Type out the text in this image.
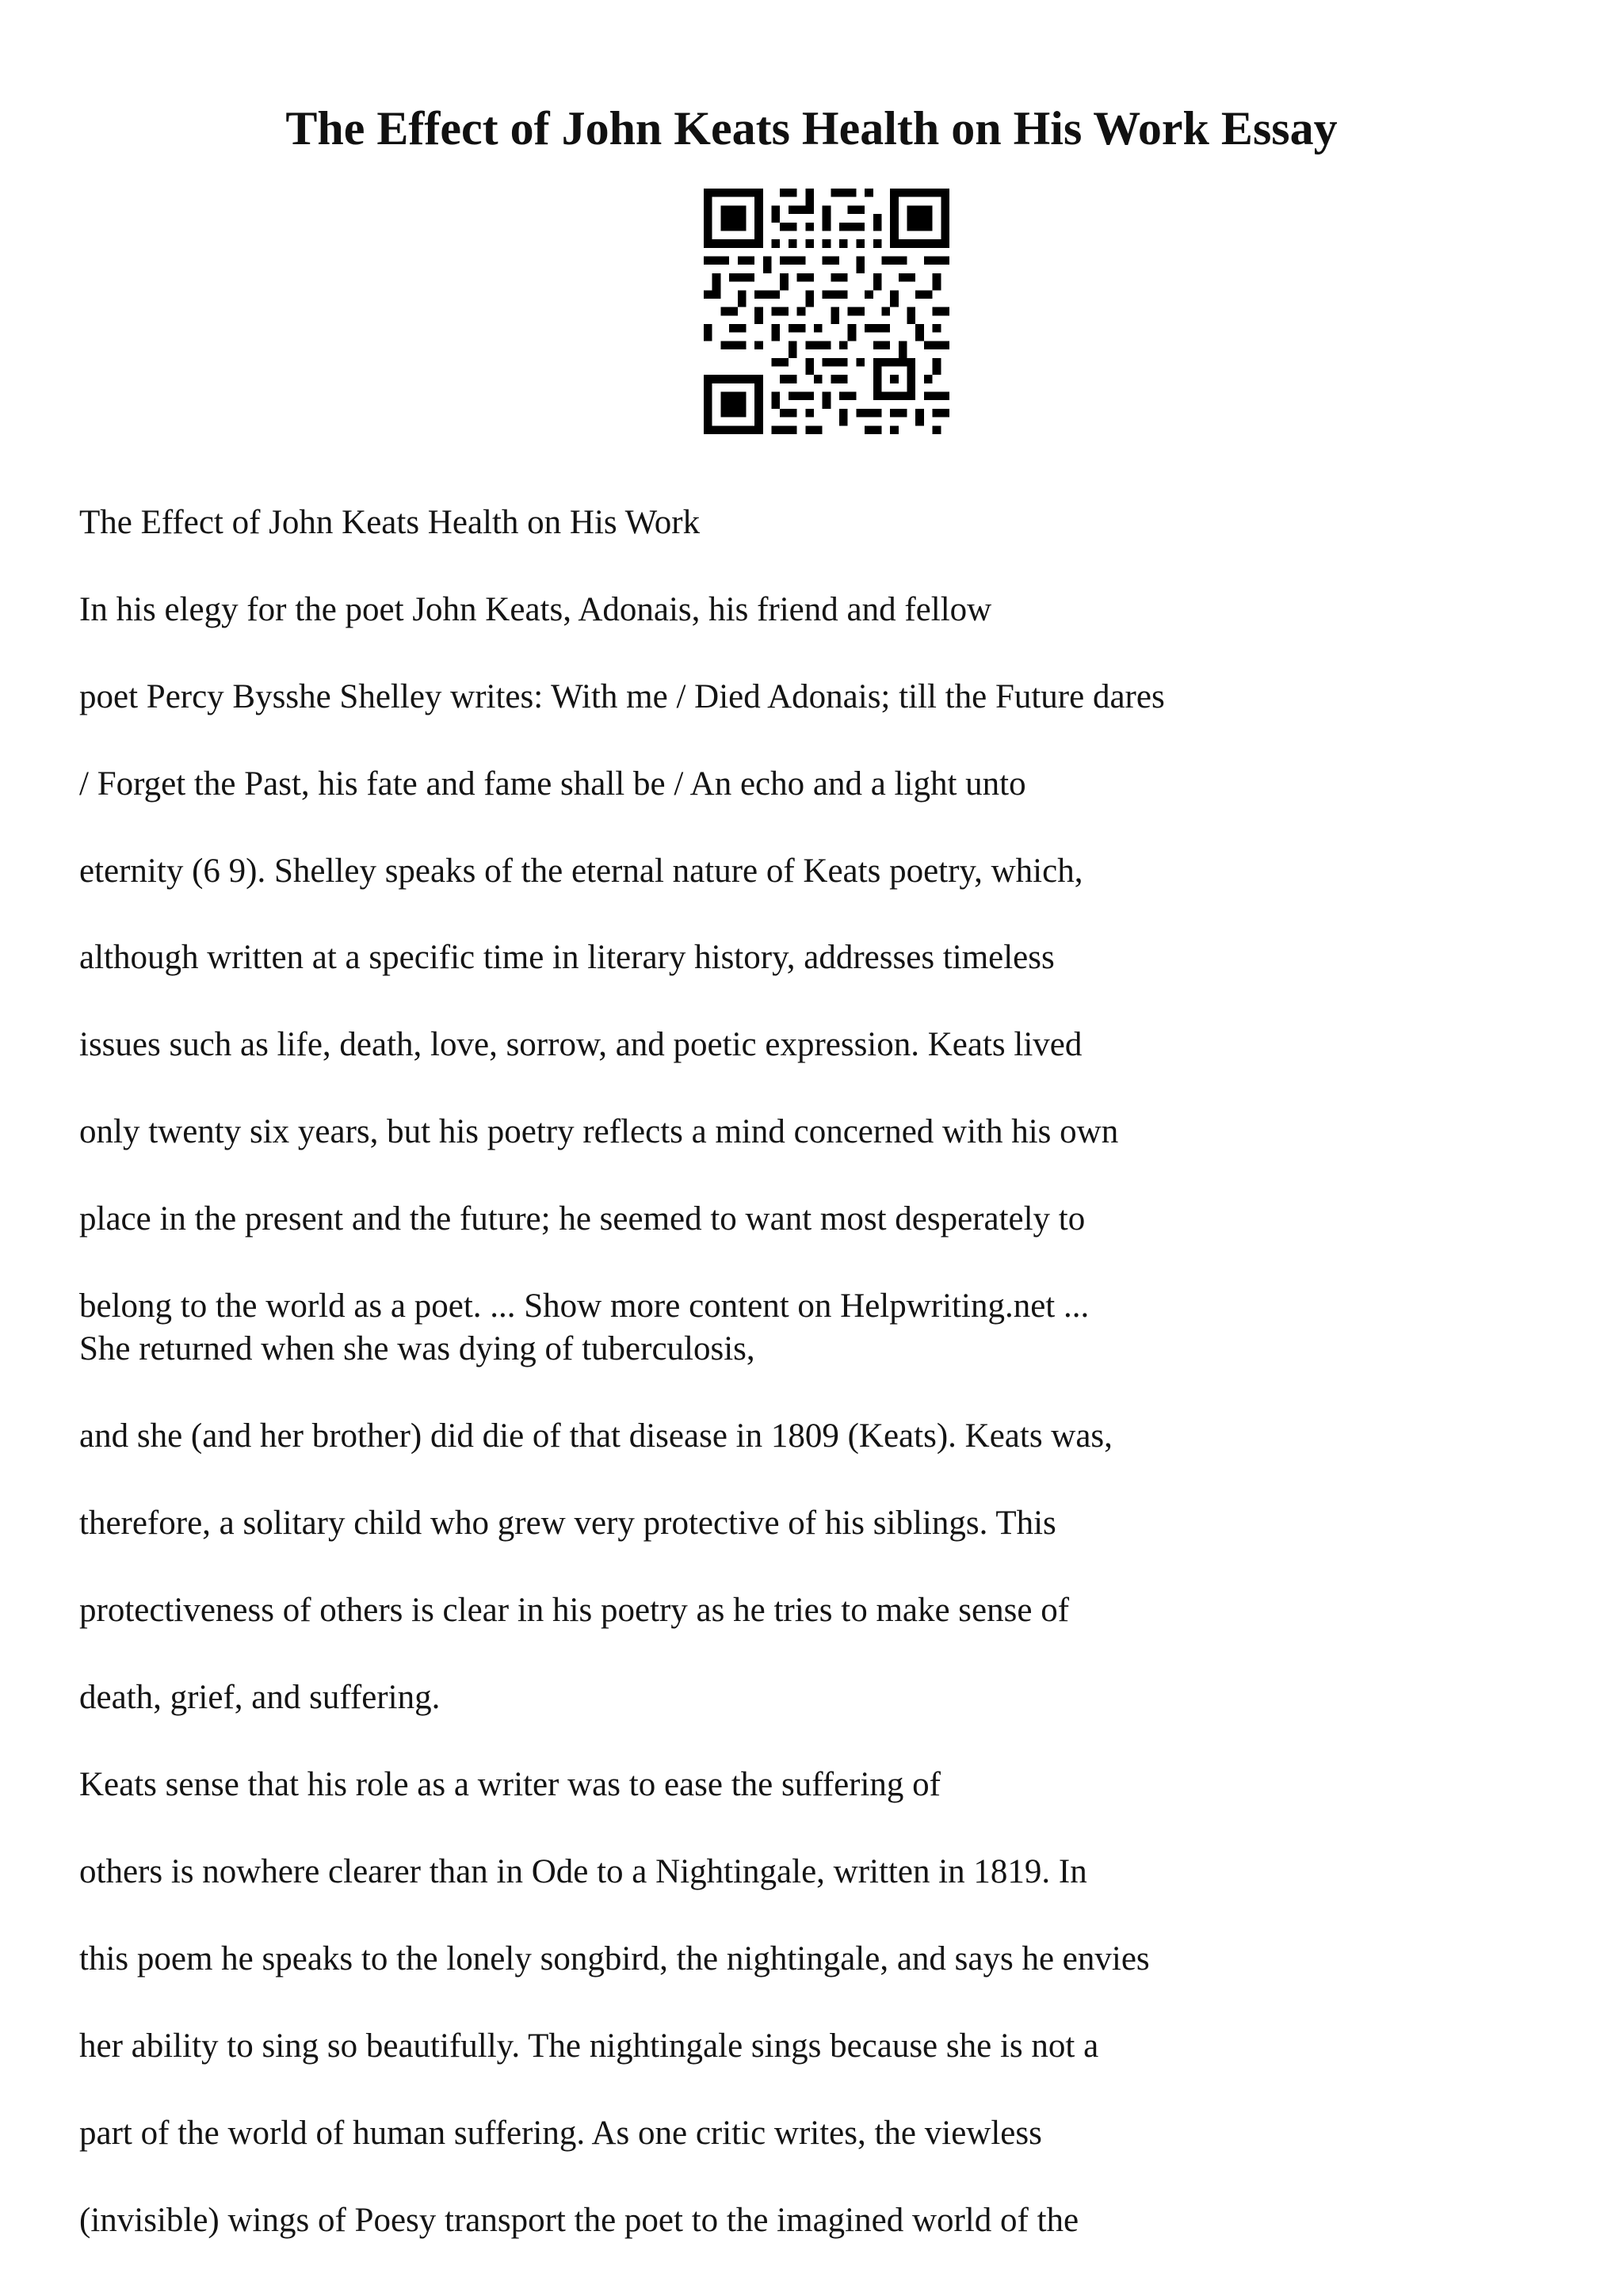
The Effect of John Keats Health on His Work Essay

The Effect of John Keats Health on His Work

In his elegy for the poet John Keats, Adonais, his friend and fellow

poet Percy Bysshe Shelley writes: With me / Died Adonais; till the Future dares

/ Forget the Past, his fate and fame shall be / An echo and a light unto

eternity (6 9). Shelley speaks of the eternal nature of Keats poetry, which,

although written at a specific time in literary history, addresses timeless

issues such as life, death, love, sorrow, and poetic expression. Keats lived

only twenty six years, but his poetry reflects a mind concerned with his own

place in the present and the future; he seemed to want most desperately to

belong to the world as a poet. ... Show more content on Helpwriting.net ...

She returned when she was dying of tuberculosis,

and she (and her brother) did die of that disease in 1809 (Keats). Keats was,

therefore, a solitary child who grew very protective of his siblings. This

protectiveness of others is clear in his poetry as he tries to make sense of

death, grief, and suffering.

Keats sense that his role as a writer was to ease the suffering of

others is nowhere clearer than in Ode to a Nightingale, written in 1819. In

this poem he speaks to the lonely songbird, the nightingale, and says he envies

her ability to sing so beautifully. The nightingale sings because she is not a

part of the world of human suffering. As one critic writes, the viewless

(invisible) wings of Poesy transport the poet to the imagined world of the
